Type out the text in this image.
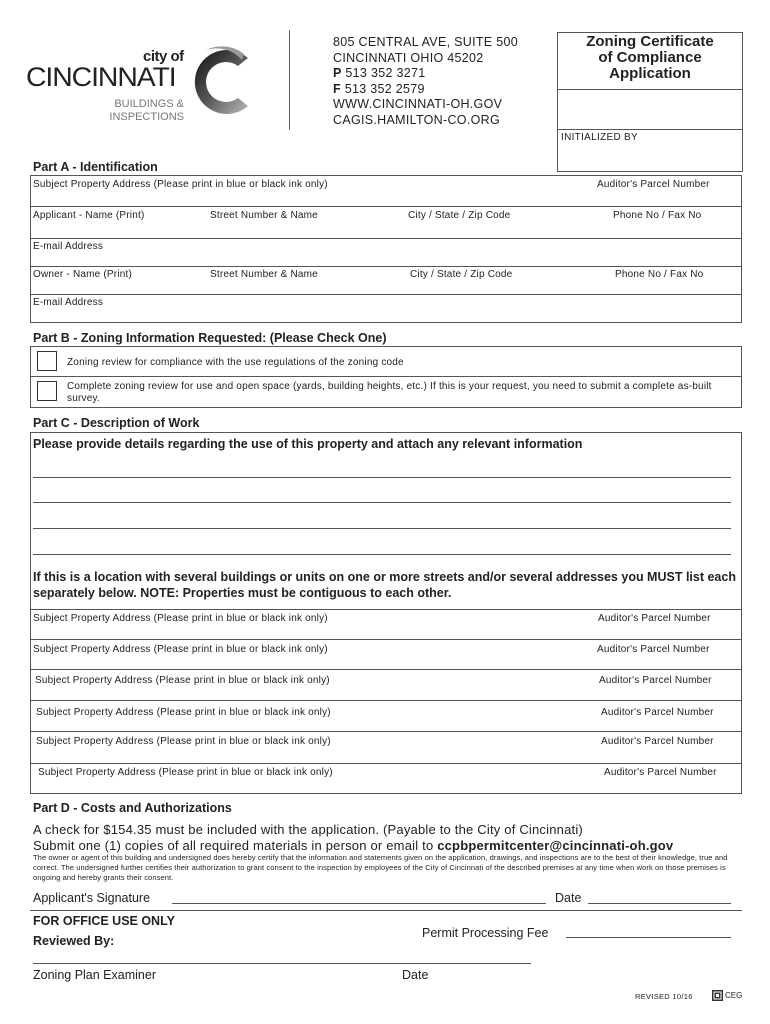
city of
CINCINNATI
BUILDINGS &
INSPECTIONS
805 CENTRAL AVE, SUITE 500
CINCINNATI OHIO 45202
P 513 352 3271
F 513 352 2579
WWW.CINCINNATI-OH.GOV
CAGIS.HAMILTON-CO.ORG
Zoning Certificate
of Compliance
Application
INITIALIZED BY
Part A - Identification
Subject Property Address (Please print in blue or black ink only)	Auditor's Parcel Number
Applicant - Name (Print)	Street Number & Name	City / State / Zip Code	Phone No / Fax No
E-mail Address
Owner - Name (Print)	Street Number & Name	City / State / Zip Code	Phone No / Fax No
E-mail Address
Part B - Zoning Information Requested: (Please Check One)
Zoning review for compliance with the use regulations of the zoning code
Complete zoning review for use and open space (yards, building heights, etc.) If this is your request, you need to submit a complete as-built survey.
Part C - Description of Work
Please provide details regarding the use of this property and attach any relevant information
If this is a location with several buildings or units on one or more streets and/or several addresses you MUST list each separately below. NOTE: Properties must be contiguous to each other.
Subject Property Address (Please print in blue or black ink only)	Auditor's Parcel Number
Subject Property Address (Please print in blue or black ink only)	Auditor's Parcel Number
Subject Property Address (Please print in blue or black ink only)	Auditor's Parcel Number
Subject Property Address (Please print in blue or black ink only)	Auditor's Parcel Number
Subject Property Address (Please print in blue or black ink only)	Auditor's Parcel Number
Subject Property Address (Please print in blue or black ink only)	Auditor's Parcel Number
Part D - Costs and Authorizations
A check for $154.35 must be included with the application. (Payable to the City of Cincinnati)
Submit one (1) copies of all required materials in person or email to ccpbpermitcenter@cincinnati-oh.gov
The owner or agent of this building and undersigned does hereby certify that the information and statements given on the application, drawings, and inspections are to the best of their knowledge, true and correct. The undersigned further certifies their authorization to grant consent to the inspection by employees of the City of Cincinnati of the described premises at any time when work on those premises is ongoing and hereby grants their consent.
Applicant's Signature	Date
FOR OFFICE USE ONLY
Reviewed By:
Permit Processing Fee
Zoning Plan Examiner	Date
REVISED 10/16	CEG
